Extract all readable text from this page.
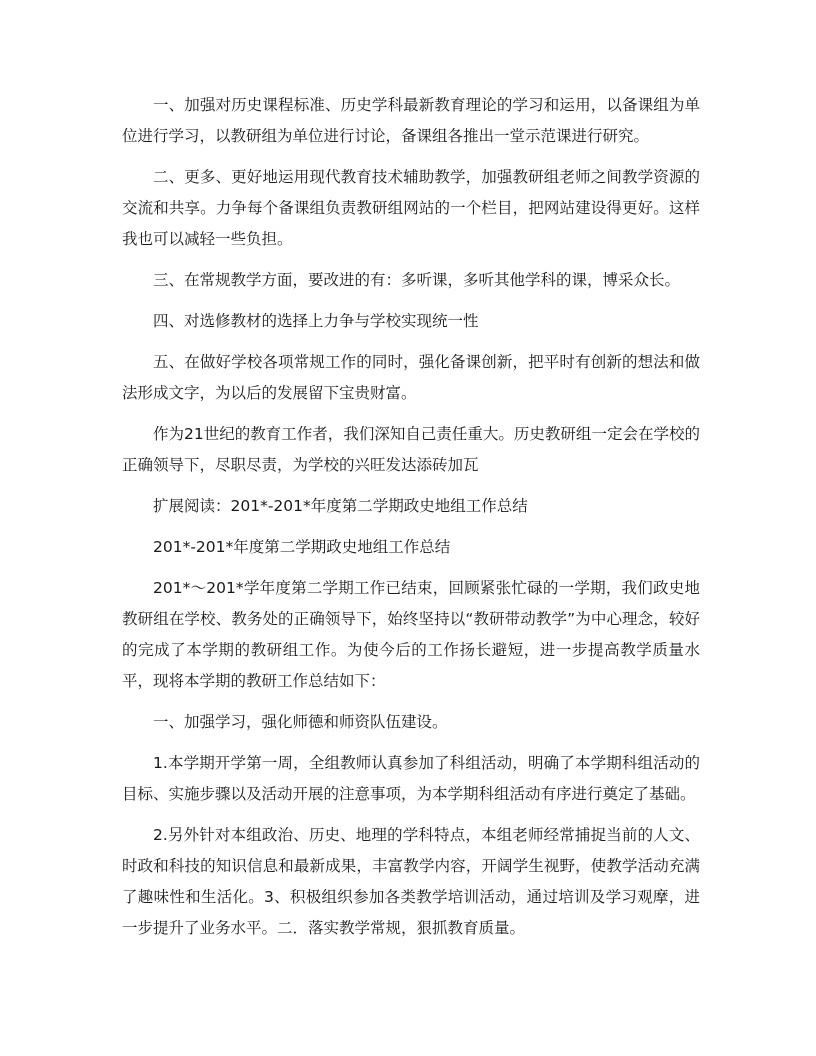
一、加强对历史课程标准、历史学科最新教育理论的学习和运用，以备课组为单位进行学习，以教研组为单位进行讨论，备课组各推出一堂示范课进行研究。

二、更多、更好地运用现代教育技术辅助教学，加强教研组老师之间教学资源的交流和共享。力争每个备课组负责教研组网站的一个栏目，把网站建设得更好。这样我也可以减轻一些负担。

三、在常规教学方面，要改进的有：多听课，多听其他学科的课，博采众长。

四、对选修教材的选择上力争与学校实现统一性

五、在做好学校各项常规工作的同时，强化备课创新，把平时有创新的想法和做法形成文字，为以后的发展留下宝贵财富。

作为21世纪的教育工作者，我们深知自己责任重大。历史教研组一定会在学校的正确领导下，尽职尽责，为学校的兴旺发达添砖加瓦

扩展阅读：201*-201*年度第二学期政史地组工作总结

201*-201*年度第二学期政史地组工作总结

201*～201*学年度第二学期工作已结束，回顾紧张忙碌的一学期，我们政史地教研组在学校、教务处的正确领导下，始终坚持以“教研带动教学”为中心理念，较好的完成了本学期的教研组工作。为使今后的工作扬长避短，进一步提高教学质量水平，现将本学期的教研工作总结如下：

一、加强学习，强化师德和师资队伍建设。

1.本学期开学第一周，全组教师认真参加了科组活动，明确了本学期科组活动的目标、实施步骤以及活动开展的注意事项，为本学期科组活动有序进行奠定了基础。

2.另外针对本组政治、历史、地理的学科特点，本组老师经常捕捉当前的人文、时政和科技的知识信息和最新成果，丰富教学内容，开阔学生视野，使教学活动充满了趣味性和生活化。3、积极组织参加各类教学培训活动，通过培训及学习观摩，进一步提升了业务水平。二．落实教学常规，狠抓教育质量。
